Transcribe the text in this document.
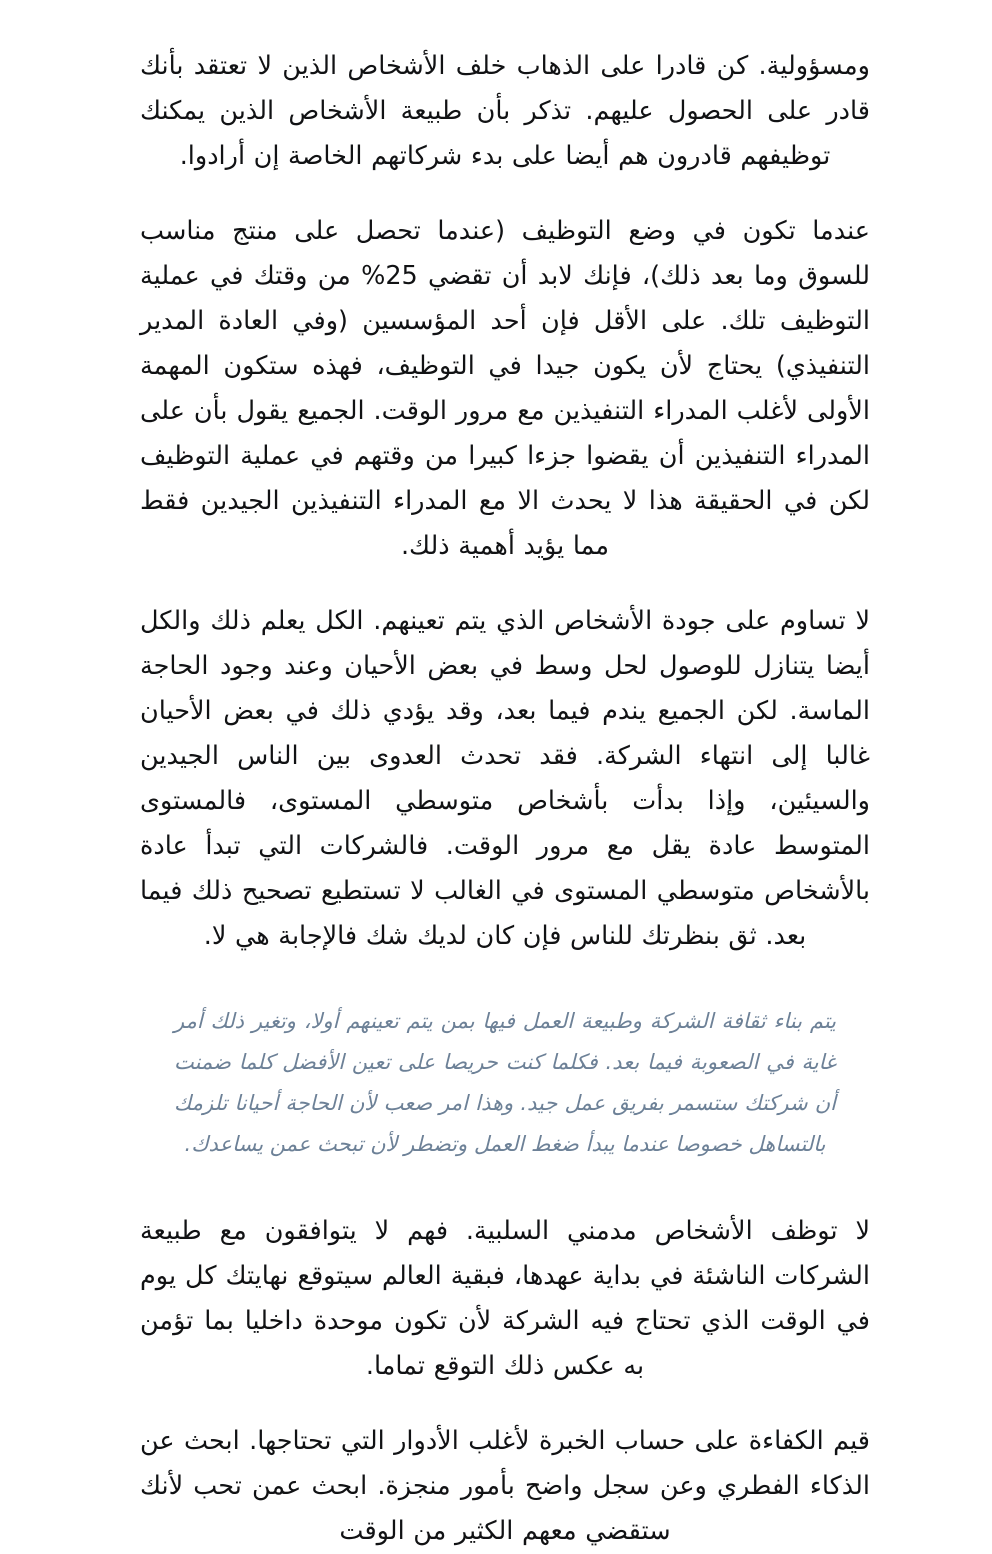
ومسؤولية. كن قادرا على الذهاب خلف الأشخاص الذين لا تعتقد بأنك قادر على الحصول عليهم. تذكر بأن طبيعة الأشخاص الذين يمكنك توظيفهم قادرون هم أيضا على بدء شركاتهم الخاصة إن أرادوا.

عندما تكون في وضع التوظيف (عندما تحصل على منتج مناسب للسوق وما بعد ذلك)، فإنك لابد أن تقضي 25% من وقتك في عملية التوظيف تلك. على الأقل فإن أحد المؤسسين (وفي العادة المدير التنفيذي) يحتاج لأن يكون جيدا في التوظيف، فهذه ستكون المهمة الأولى لأغلب المدراء التنفيذين مع مرور الوقت. الجميع يقول بأن على المدراء التنفيذين أن يقضوا جزءا كبيرا من وقتهم في عملية التوظيف لكن في الحقيقة هذا لا يحدث الا مع المدراء التنفيذين الجيدين فقط مما يؤيد أهمية ذلك.

لا تساوم على جودة الأشخاص الذي يتم تعينهم. الكل يعلم ذلك والكل أيضا يتنازل للوصول لحل وسط في بعض الأحيان وعند وجود الحاجة الماسة. لكن الجميع يندم فيما بعد، وقد يؤدي ذلك في بعض الأحيان غالبا إلى انتهاء الشركة. فقد تحدث العدوى بين الناس الجيدين والسيئين، وإذا بدأت بأشخاص متوسطي المستوى، فالمستوى المتوسط عادة يقل مع مرور الوقت. فالشركات التي تبدأ عادة بالأشخاص متوسطي المستوى في الغالب لا تستطيع تصحيح ذلك فيما بعد. ثق بنظرتك للناس فإن كان لديك شك فالإجابة هي لا.

يتم بناء ثقافة الشركة وطبيعة العمل فيها بمن يتم تعينهم أولا، وتغير ذلك أمر غاية في الصعوبة فيما بعد. فكلما كنت حريصا على تعين الأفضل كلما ضمنت أن شركتك ستسمر بفريق عمل جيد. وهذا امر صعب لأن الحاجة أحيانا تلزمك بالتساهل خصوصا عندما يبدأ ضغط العمل وتضطر لأن تبحث عمن يساعدك.

لا توظف الأشخاص مدمني السلبية. فهم لا يتوافقون مع طبيعة الشركات الناشئة في بداية عهدها، فبقية العالم سيتوقع نهايتك كل يوم في الوقت الذي تحتاج فيه الشركة لأن تكون موحدة داخليا بما تؤمن به عكس ذلك التوقع تماما.

قيم الكفاءة على حساب الخبرة لأغلب الأدوار التي تحتاجها. ابحث عن الذكاء الفطري وعن سجل واضح بأمور منجزة. ابحث عمن تحب لأنك ستقضي معهم الكثير من الوقت
